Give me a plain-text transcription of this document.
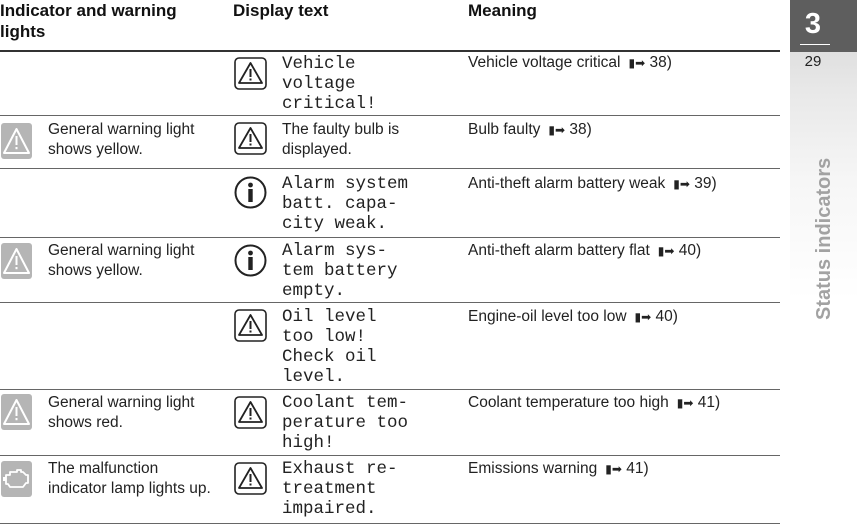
3
29
Status indicators
Indicator and warning lights
Display text	Meaning
Vehicle
voltage
critical!
Vehicle voltage critical ▮➡ 38)
General warning light shows yellow.
The faulty bulb is displayed.
Bulb faulty ▮➡ 38)
Alarm system
batt. capa-
city weak.
Anti-theft alarm battery weak ▮➡ 39)
General warning light shows yellow.
Alarm sys-
tem battery
empty.
Anti-theft alarm battery flat ▮➡ 40)
Oil level
too low!
Check oil
level.
Engine-oil level too low ▮➡ 40)
General warning light shows red.
Coolant tem-
perature too
high!
Coolant temperature too high ▮➡ 41)
The malfunction indicator lamp lights up.
Exhaust re-
treatment
impaired.
Emissions warning ▮➡ 41)
